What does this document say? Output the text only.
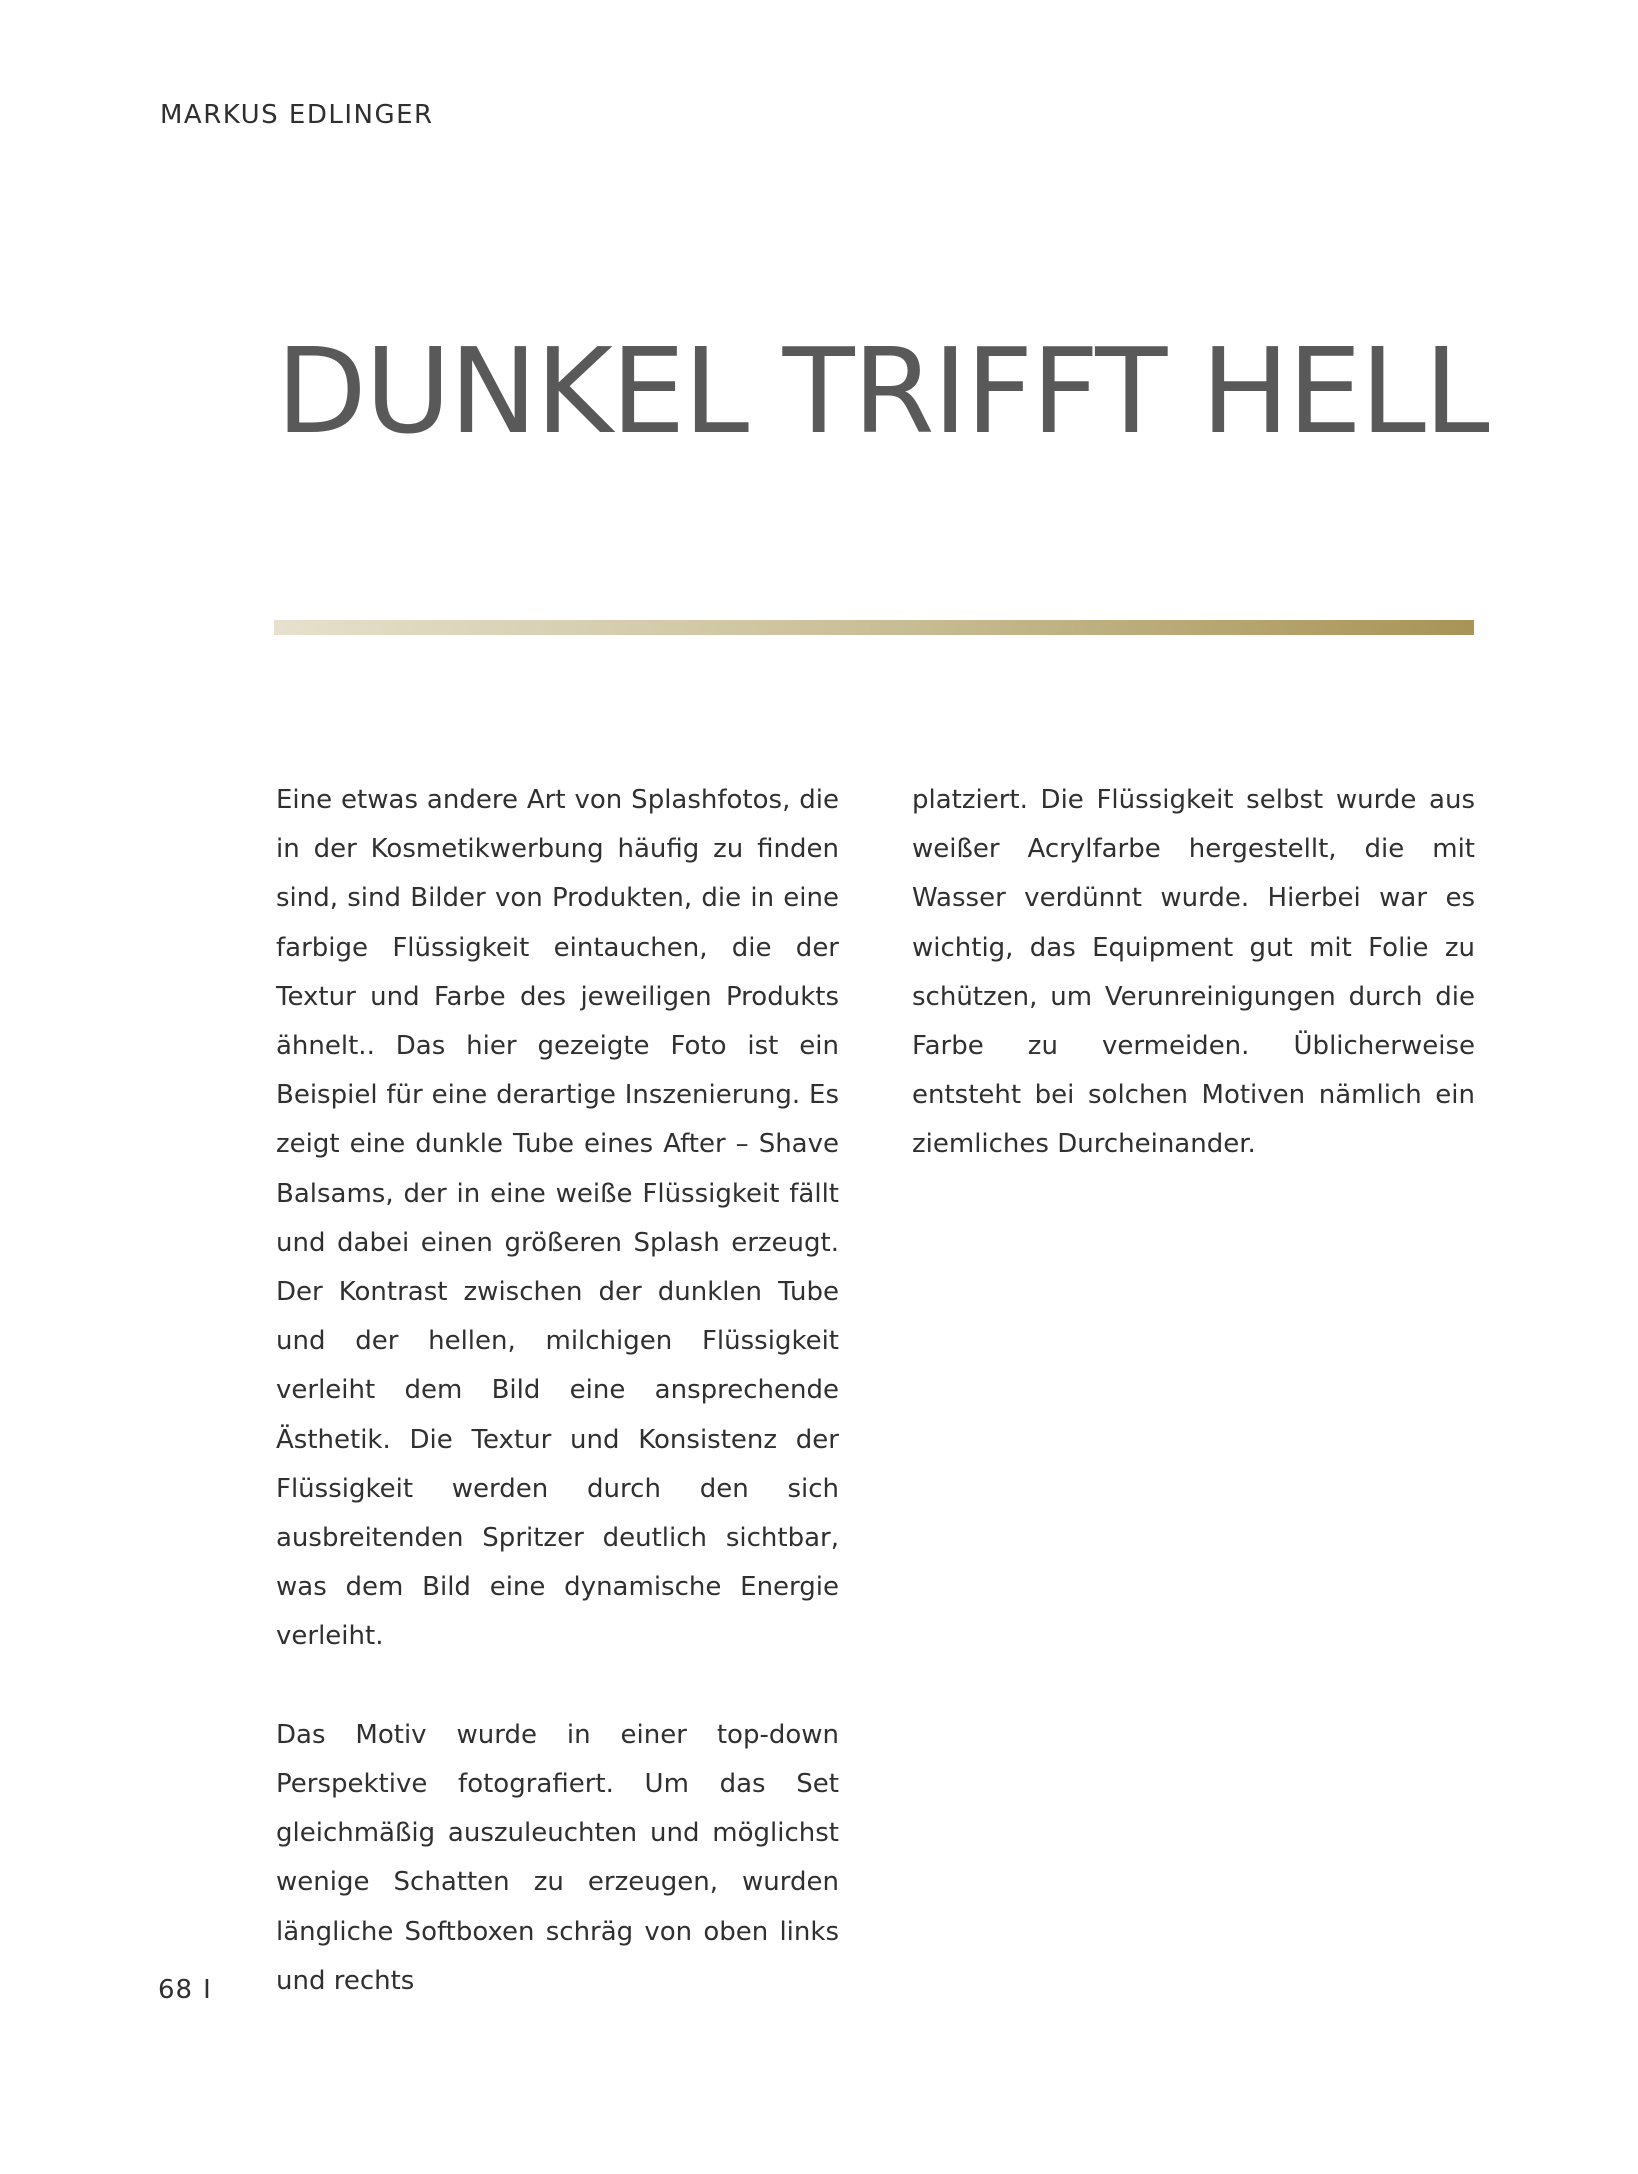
MARKUS EDLINGER
DUNKEL TRIFFT HELL

Eine etwas andere Art von Splashfotos, die in der Kosmetikwerbung häufig zu finden sind, sind Bilder von Produkten, die in eine farbige Flüssigkeit eintauchen, die der Textur und Farbe des jeweiligen Produkts ähnelt.. Das hier gezeigte Foto ist ein Beispiel für eine derartige Inszenierung. Es zeigt eine dunkle Tube eines After – Shave Balsams, der in eine weiße Flüssigkeit fällt und dabei einen größeren Splash erzeugt. Der Kontrast zwischen der dunklen Tube und der hellen, milchigen Flüssigkeit verleiht dem Bild eine ansprechende Ästhetik. Die Textur und Konsistenz der Flüssigkeit werden durch den sich ausbreitenden Spritzer deutlich sichtbar, was dem Bild eine dynamische Energie verleiht.

Das Motiv wurde in einer top-down Perspektive fotografiert. Um das Set gleichmäßig auszuleuchten und möglichst wenige Schatten zu erzeugen, wurden längliche Softboxen schräg von oben links und rechts

platziert. Die Flüssigkeit selbst wurde aus weißer Acrylfarbe hergestellt, die mit Wasser verdünnt wurde. Hierbei war es wichtig, das Equipment gut mit Folie zu schützen, um Verunreinigungen durch die Farbe zu vermeiden. Üblicherweise entsteht bei solchen Motiven nämlich ein ziemliches Durcheinander.

68 I
